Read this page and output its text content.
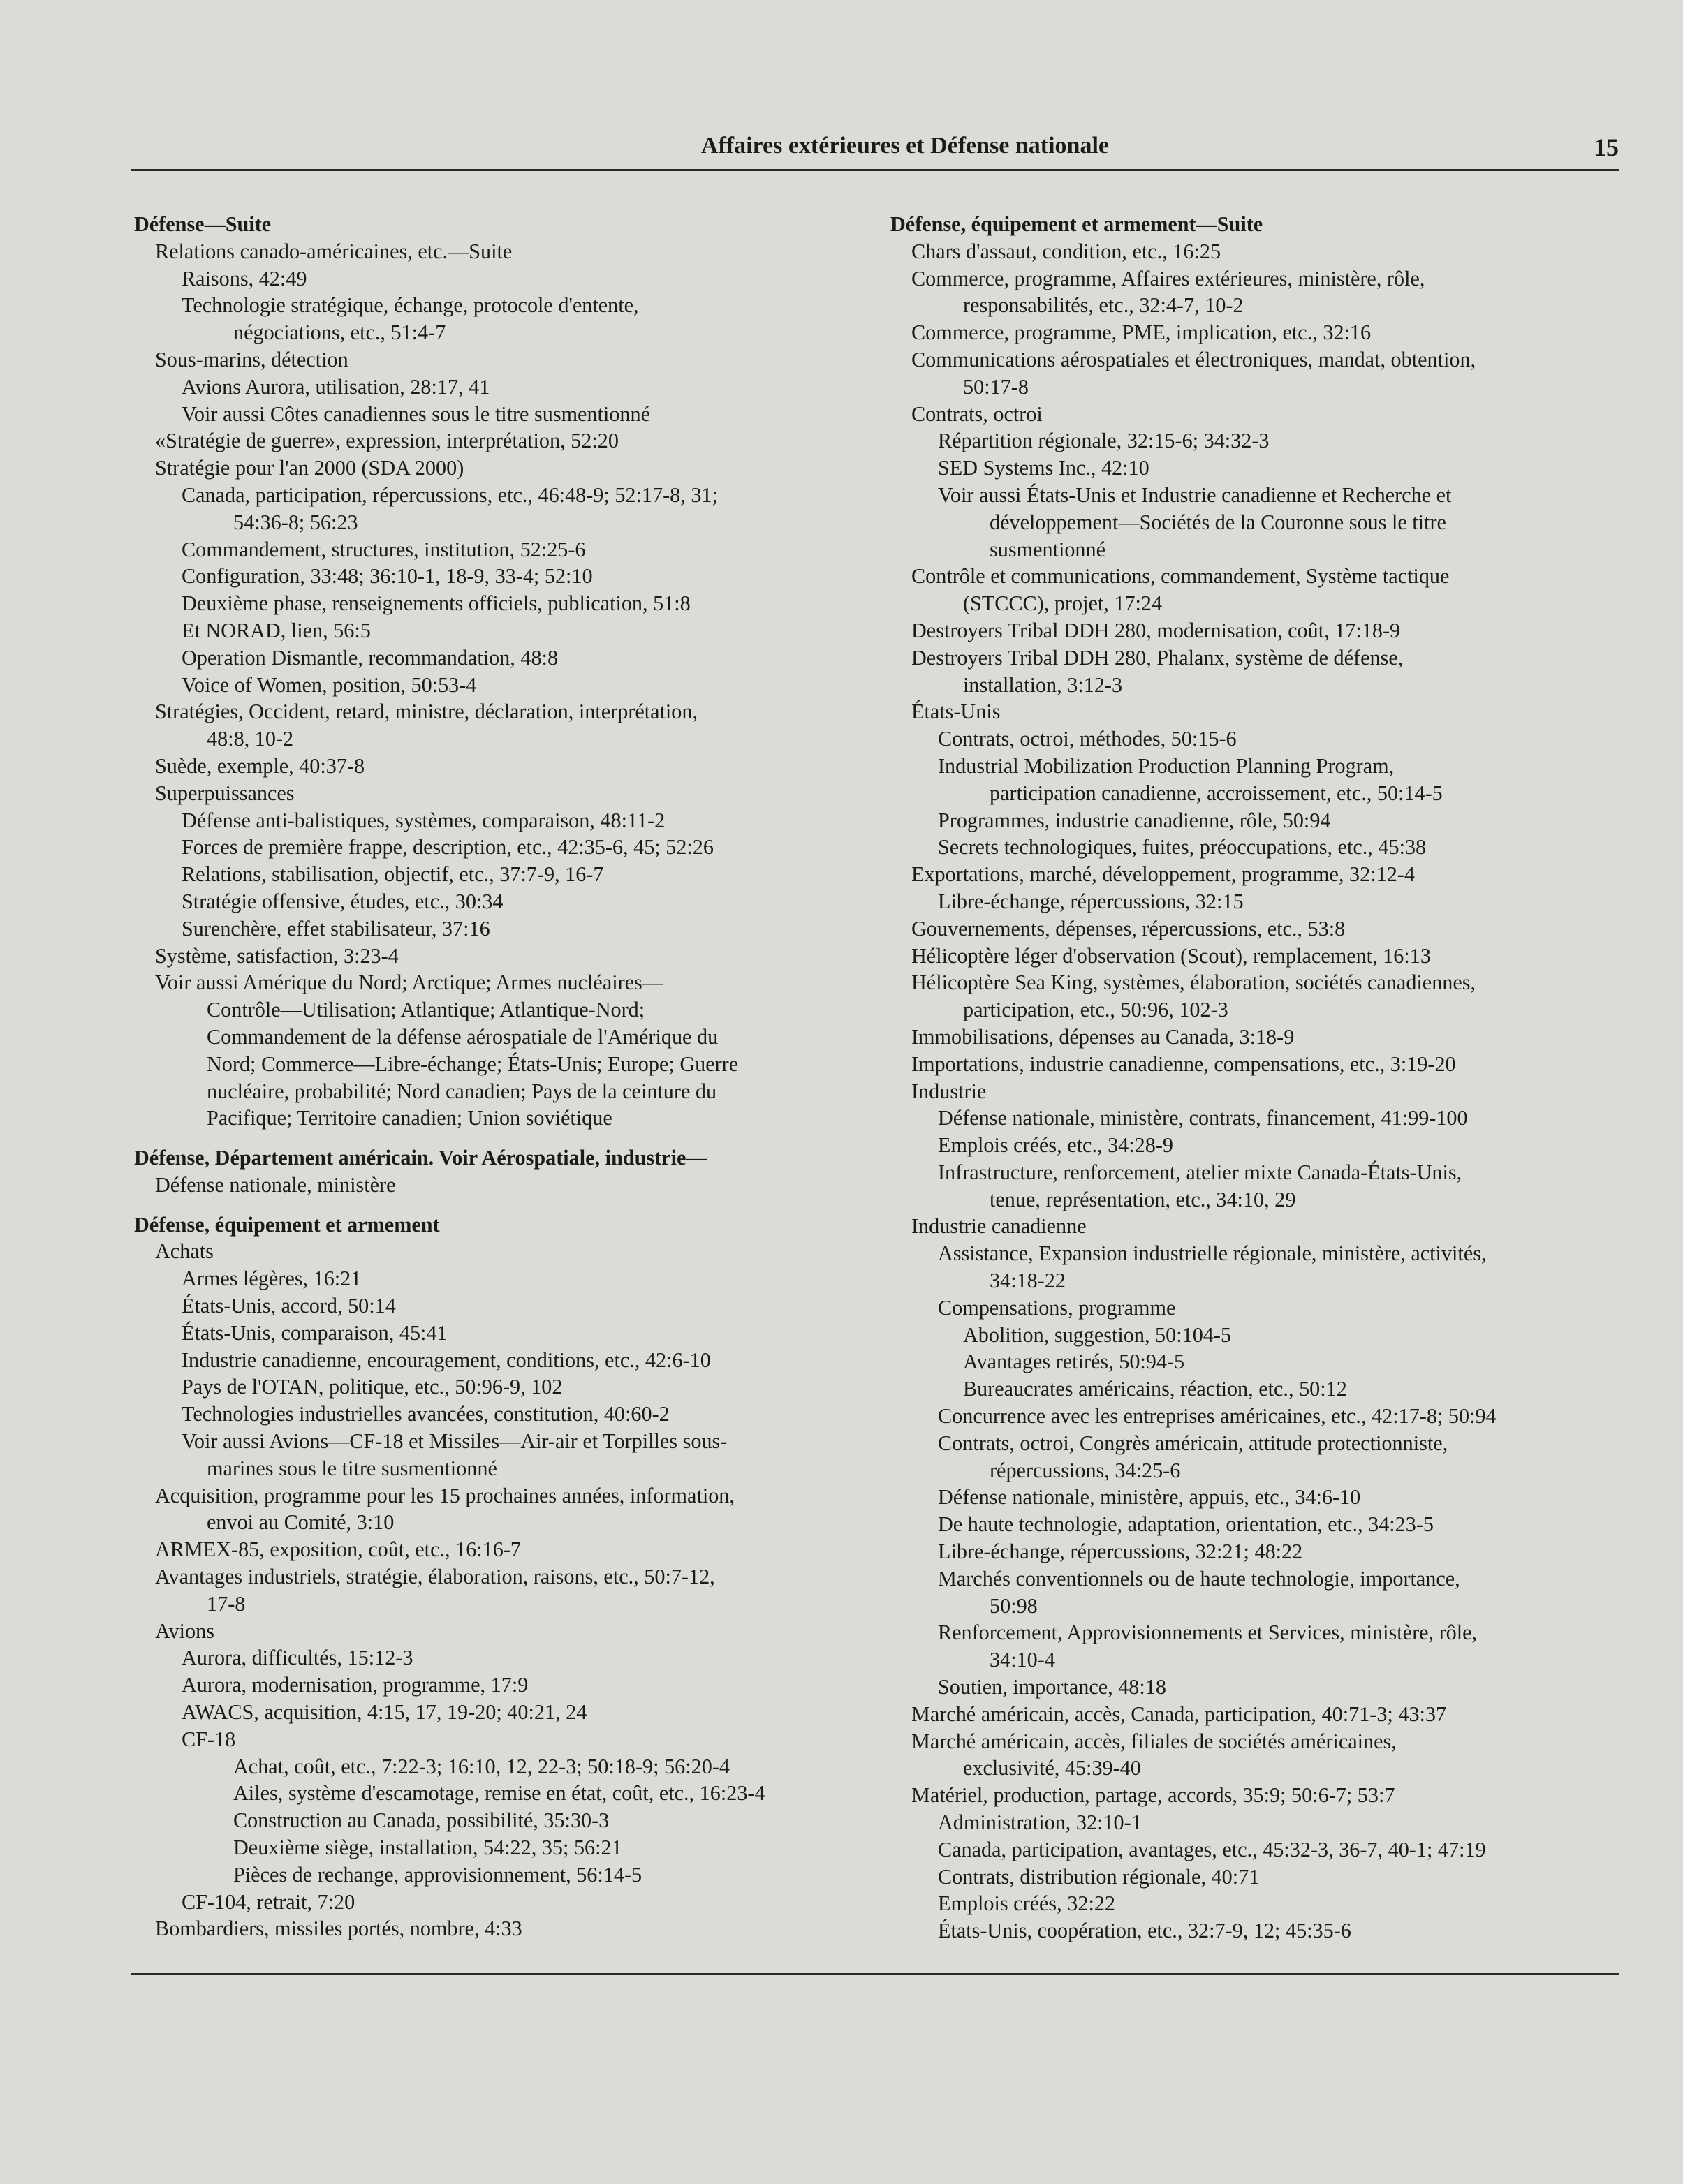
Affaires extérieures et Défense nationale	15
Défense—Suite
Relations canado-américaines, etc.—Suite
Raisons, 42:49
Technologie stratégique, échange, protocole d'entente,
négociations, etc., 51:4-7
Sous-marins, détection
Avions Aurora, utilisation, 28:17, 41
Voir aussi Côtes canadiennes sous le titre susmentionné
«Stratégie de guerre», expression, interprétation, 52:20
Stratégie pour l'an 2000 (SDA 2000)
Canada, participation, répercussions, etc., 46:48-9; 52:17-8, 31;
54:36-8; 56:23
Commandement, structures, institution, 52:25-6
Configuration, 33:48; 36:10-1, 18-9, 33-4; 52:10
Deuxième phase, renseignements officiels, publication, 51:8
Et NORAD, lien, 56:5
Operation Dismantle, recommandation, 48:8
Voice of Women, position, 50:53-4
Stratégies, Occident, retard, ministre, déclaration, interprétation,
48:8, 10-2
Suède, exemple, 40:37-8
Superpuissances
Défense anti-balistiques, systèmes, comparaison, 48:11-2
Forces de première frappe, description, etc., 42:35-6, 45; 52:26
Relations, stabilisation, objectif, etc., 37:7-9, 16-7
Stratégie offensive, études, etc., 30:34
Surenchère, effet stabilisateur, 37:16
Système, satisfaction, 3:23-4
Voir aussi Amérique du Nord; Arctique; Armes nucléaires—
Contrôle—Utilisation; Atlantique; Atlantique-Nord;
Commandement de la défense aérospatiale de l'Amérique du
Nord; Commerce—Libre-échange; États-Unis; Europe; Guerre
nucléaire, probabilité; Nord canadien; Pays de la ceinture du
Pacifique; Territoire canadien; Union soviétique
Défense, Département américain. Voir Aérospatiale, industrie—
Défense nationale, ministère
Défense, équipement et armement
Achats
Armes légères, 16:21
États-Unis, accord, 50:14
États-Unis, comparaison, 45:41
Industrie canadienne, encouragement, conditions, etc., 42:6-10
Pays de l'OTAN, politique, etc., 50:96-9, 102
Technologies industrielles avancées, constitution, 40:60-2
Voir aussi Avions—CF-18 et Missiles—Air-air et Torpilles sous-
marines sous le titre susmentionné
Acquisition, programme pour les 15 prochaines années, information,
envoi au Comité, 3:10
ARMEX-85, exposition, coût, etc., 16:16-7
Avantages industriels, stratégie, élaboration, raisons, etc., 50:7-12,
17-8
Avions
Aurora, difficultés, 15:12-3
Aurora, modernisation, programme, 17:9
AWACS, acquisition, 4:15, 17, 19-20; 40:21, 24
CF-18
Achat, coût, etc., 7:22-3; 16:10, 12, 22-3; 50:18-9; 56:20-4
Ailes, système d'escamotage, remise en état, coût, etc., 16:23-4
Construction au Canada, possibilité, 35:30-3
Deuxième siège, installation, 54:22, 35; 56:21
Pièces de rechange, approvisionnement, 56:14-5
CF-104, retrait, 7:20
Bombardiers, missiles portés, nombre, 4:33
Défense, équipement et armement—Suite
Chars d'assaut, condition, etc., 16:25
Commerce, programme, Affaires extérieures, ministère, rôle,
responsabilités, etc., 32:4-7, 10-2
Commerce, programme, PME, implication, etc., 32:16
Communications aérospatiales et électroniques, mandat, obtention,
50:17-8
Contrats, octroi
Répartition régionale, 32:15-6; 34:32-3
SED Systems Inc., 42:10
Voir aussi États-Unis et Industrie canadienne et Recherche et
développement—Sociétés de la Couronne sous le titre
susmentionné
Contrôle et communications, commandement, Système tactique
(STCCC), projet, 17:24
Destroyers Tribal DDH 280, modernisation, coût, 17:18-9
Destroyers Tribal DDH 280, Phalanx, système de défense,
installation, 3:12-3
États-Unis
Contrats, octroi, méthodes, 50:15-6
Industrial Mobilization Production Planning Program,
participation canadienne, accroissement, etc., 50:14-5
Programmes, industrie canadienne, rôle, 50:94
Secrets technologiques, fuites, préoccupations, etc., 45:38
Exportations, marché, développement, programme, 32:12-4
Libre-échange, répercussions, 32:15
Gouvernements, dépenses, répercussions, etc., 53:8
Hélicoptère léger d'observation (Scout), remplacement, 16:13
Hélicoptère Sea King, systèmes, élaboration, sociétés canadiennes,
participation, etc., 50:96, 102-3
Immobilisations, dépenses au Canada, 3:18-9
Importations, industrie canadienne, compensations, etc., 3:19-20
Industrie
Défense nationale, ministère, contrats, financement, 41:99-100
Emplois créés, etc., 34:28-9
Infrastructure, renforcement, atelier mixte Canada-États-Unis,
tenue, représentation, etc., 34:10, 29
Industrie canadienne
Assistance, Expansion industrielle régionale, ministère, activités,
34:18-22
Compensations, programme
Abolition, suggestion, 50:104-5
Avantages retirés, 50:94-5
Bureaucrates américains, réaction, etc., 50:12
Concurrence avec les entreprises américaines, etc., 42:17-8; 50:94
Contrats, octroi, Congrès américain, attitude protectionniste,
répercussions, 34:25-6
Défense nationale, ministère, appuis, etc., 34:6-10
De haute technologie, adaptation, orientation, etc., 34:23-5
Libre-échange, répercussions, 32:21; 48:22
Marchés conventionnels ou de haute technologie, importance,
50:98
Renforcement, Approvisionnements et Services, ministère, rôle,
34:10-4
Soutien, importance, 48:18
Marché américain, accès, Canada, participation, 40:71-3; 43:37
Marché américain, accès, filiales de sociétés américaines,
exclusivité, 45:39-40
Matériel, production, partage, accords, 35:9; 50:6-7; 53:7
Administration, 32:10-1
Canada, participation, avantages, etc., 45:32-3, 36-7, 40-1; 47:19
Contrats, distribution régionale, 40:71
Emplois créés, 32:22
États-Unis, coopération, etc., 32:7-9, 12; 45:35-6
